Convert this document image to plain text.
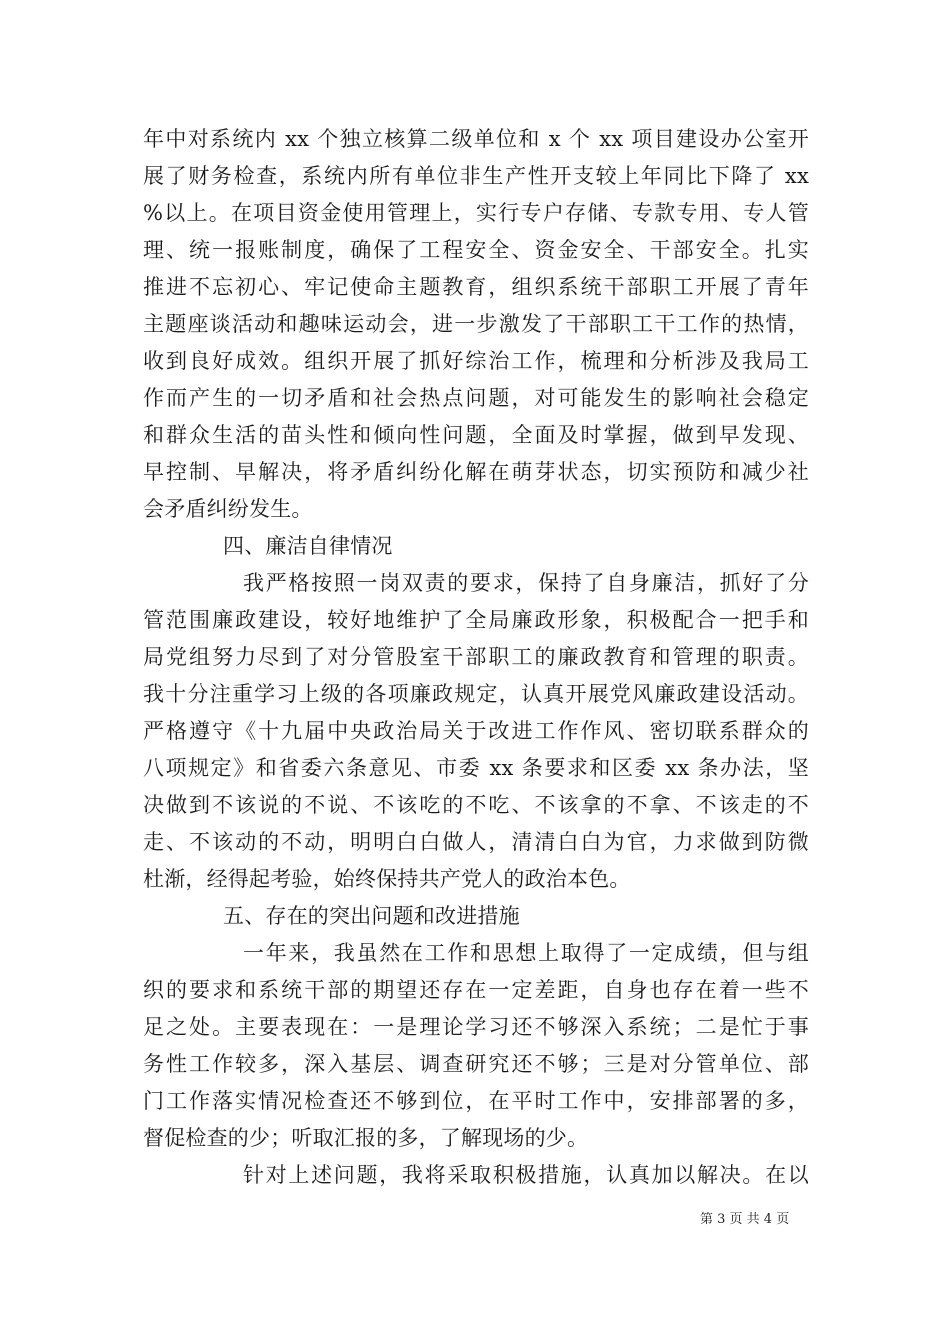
年中对系统内 xx 个独立核算二级单位和 x 个 xx 项目建设办公室开
展了财务检查，系统内所有单位非生产性开支较上年同比下降了 xx
%以上。在项目资金使用管理上，实行专户存储、专款专用、专人管
理、统一报账制度，确保了工程安全、资金安全、干部安全。扎实
推进不忘初心、牢记使命主题教育，组织系统干部职工开展了青年
主题座谈活动和趣味运动会，进一步激发了干部职工干工作的热情，
收到良好成效。组织开展了抓好综治工作，梳理和分析涉及我局工
作而产生的一切矛盾和社会热点问题，对可能发生的影响社会稳定
和群众生活的苗头性和倾向性问题，全面及时掌握，做到早发现、
早控制、早解决，将矛盾纠纷化解在萌芽状态，切实预防和减少社
会矛盾纠纷发生。
四、廉洁自律情况
我严格按照一岗双责的要求，保持了自身廉洁，抓好了分
管范围廉政建设，较好地维护了全局廉政形象，积极配合一把手和
局党组努力尽到了对分管股室干部职工的廉政教育和管理的职责。
我十分注重学习上级的各项廉政规定，认真开展党风廉政建设活动。
严格遵守《十九届中央政治局关于改进工作作风、密切联系群众的
八项规定》和省委六条意见、市委 xx 条要求和区委 xx 条办法，坚
决做到不该说的不说、不该吃的不吃、不该拿的不拿、不该走的不
走、不该动的不动，明明白白做人，清清白白为官，力求做到防微
杜渐，经得起考验，始终保持共产党人的政治本色。
五、存在的突出问题和改进措施
一年来，我虽然在工作和思想上取得了一定成绩，但与组
织的要求和系统干部的期望还存在一定差距，自身也存在着一些不
足之处。主要表现在：一是理论学习还不够深入系统；二是忙于事
务性工作较多，深入基层、调查研究还不够；三是对分管单位、部
门工作落实情况检查还不够到位，在平时工作中，安排部署的多，
督促检查的少；听取汇报的多，了解现场的少。
针对上述问题，我将采取积极措施，认真加以解决。在以
第 3 页 共 4 页
